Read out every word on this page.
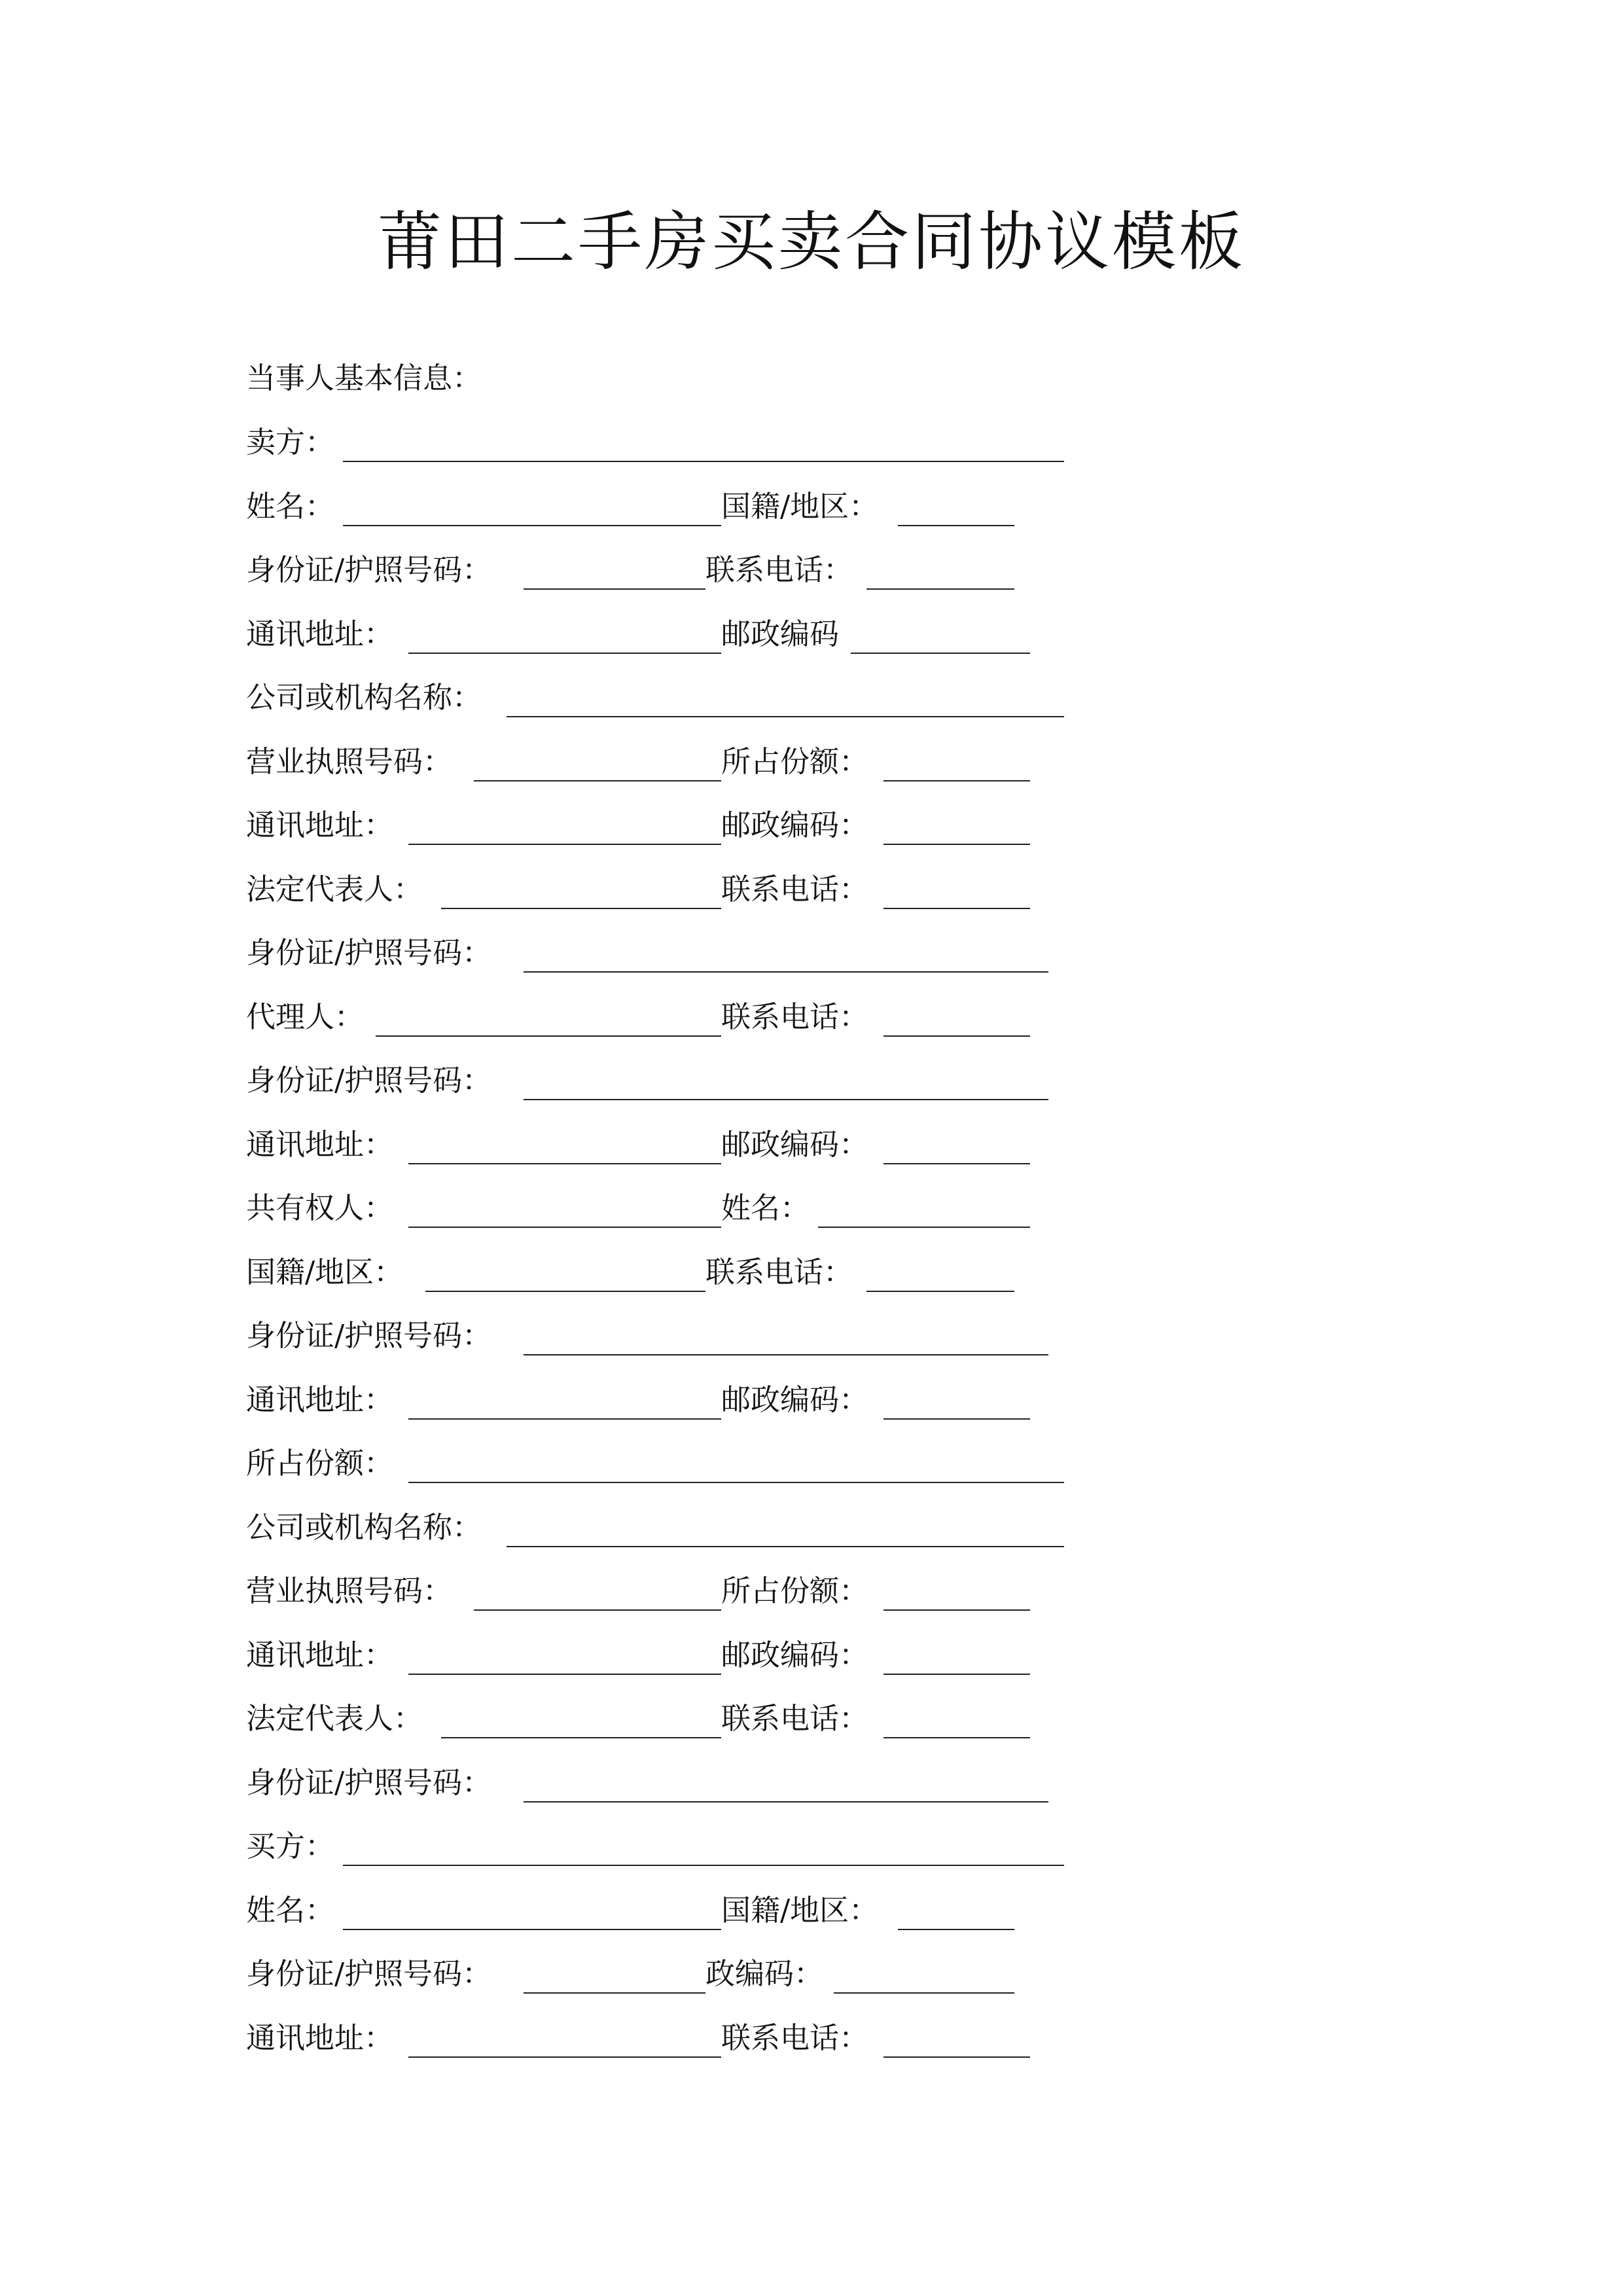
莆田二手房买卖合同协议模板
当事人基本信息：
卖方：
姓名：	国籍/地区：
身份证/护照号码：	联系电话：
通讯地址：	邮政编码
公司或机构名称：
营业执照号码：	所占份额：
通讯地址：	邮政编码：
法定代表人：	联系电话：
身份证/护照号码：
代理人：	联系电话：
身份证/护照号码：
通讯地址：	邮政编码：
共有权人：	姓名：
国籍/地区：	联系电话：
身份证/护照号码：
通讯地址：	邮政编码：
所占份额：
公司或机构名称：
营业执照号码：	所占份额：
通讯地址：	邮政编码：
法定代表人：	联系电话：
身份证/护照号码：
买方：
姓名：	国籍/地区：
身份证/护照号码：	政编码：
通讯地址：	联系电话：
